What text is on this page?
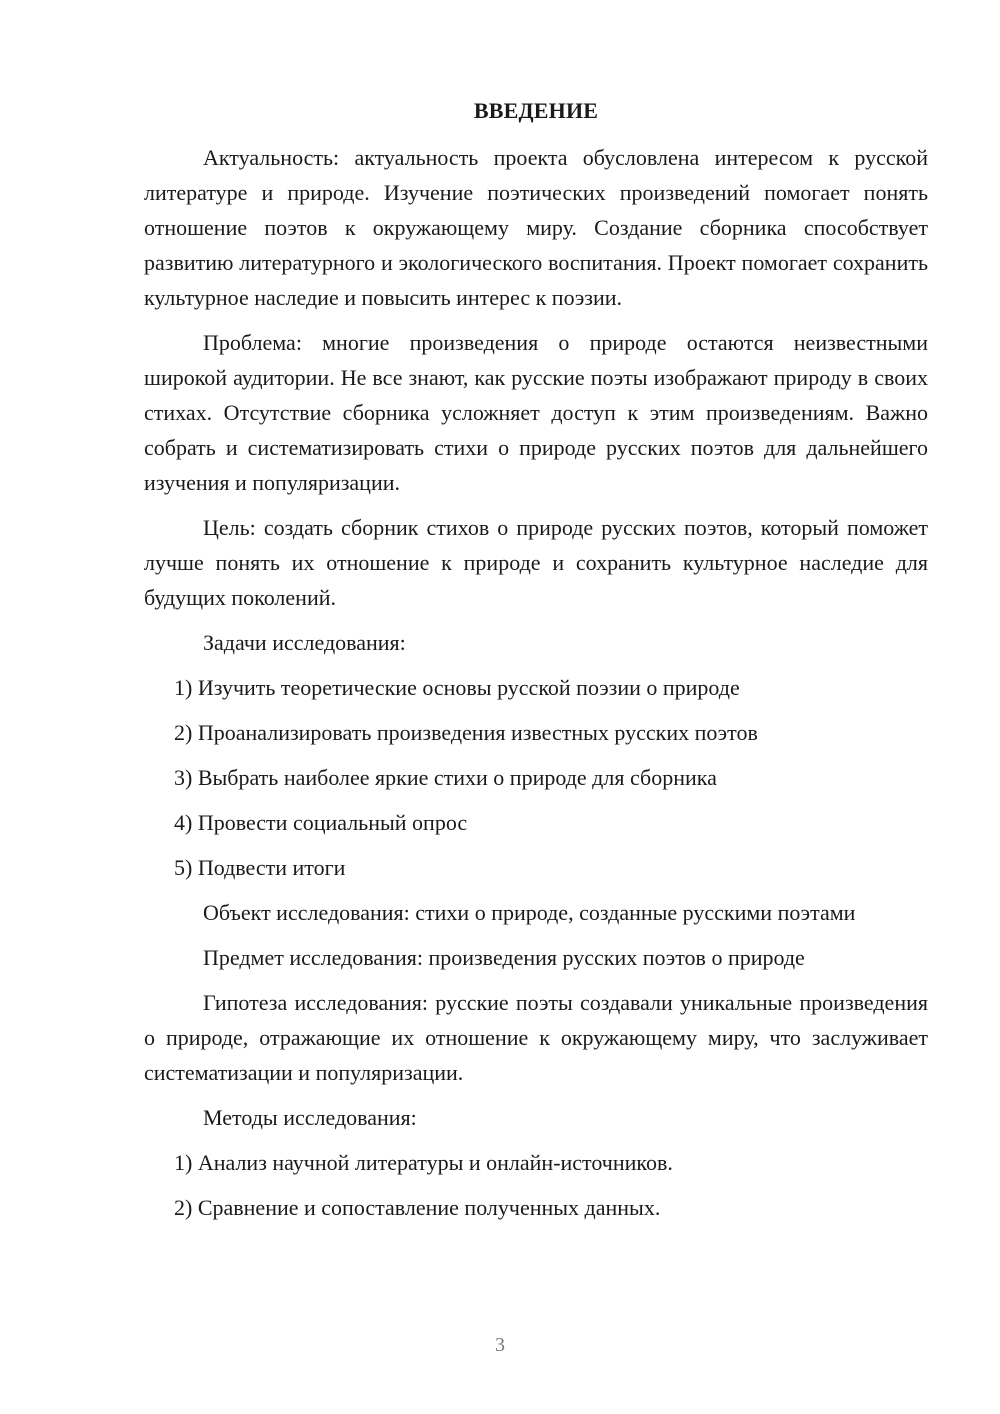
ВВЕДЕНИЕ

Актуальность: актуальность проекта обусловлена интересом к русской литературе и природе. Изучение поэтических произведений помогает понять отношение поэтов к окружающему миру. Создание сборника способствует развитию литературного и экологического воспитания. Проект помогает сохранить культурное наследие и повысить интерес к поэзии.

Проблема: многие произведения о природе остаются неизвестными широкой аудитории. Не все знают, как русские поэты изображают природу в своих стихах. Отсутствие сборника усложняет доступ к этим произведениям. Важно собрать и систематизировать стихи о природе русских поэтов для дальнейшего изучения и популяризации.

Цель: создать сборник стихов о природе русских поэтов, который поможет лучше понять их отношение к природе и сохранить культурное наследие для будущих поколений.

Задачи исследования:

1) Изучить теоретические основы русской поэзии о природе
2) Проанализировать произведения известных русских поэтов
3) Выбрать наиболее яркие стихи о природе для сборника
4) Провести социальный опрос
5) Подвести итоги

Объект исследования: стихи о природе, созданные русскими поэтами

Предмет исследования: произведения русских поэтов о природе

Гипотеза исследования: русские поэты создавали уникальные произведения о природе, отражающие их отношение к окружающему миру, что заслуживает систематизации и популяризации.

Методы исследования:

1) Анализ научной литературы и онлайн-источников.
2) Сравнение и сопоставление полученных данных.
3
